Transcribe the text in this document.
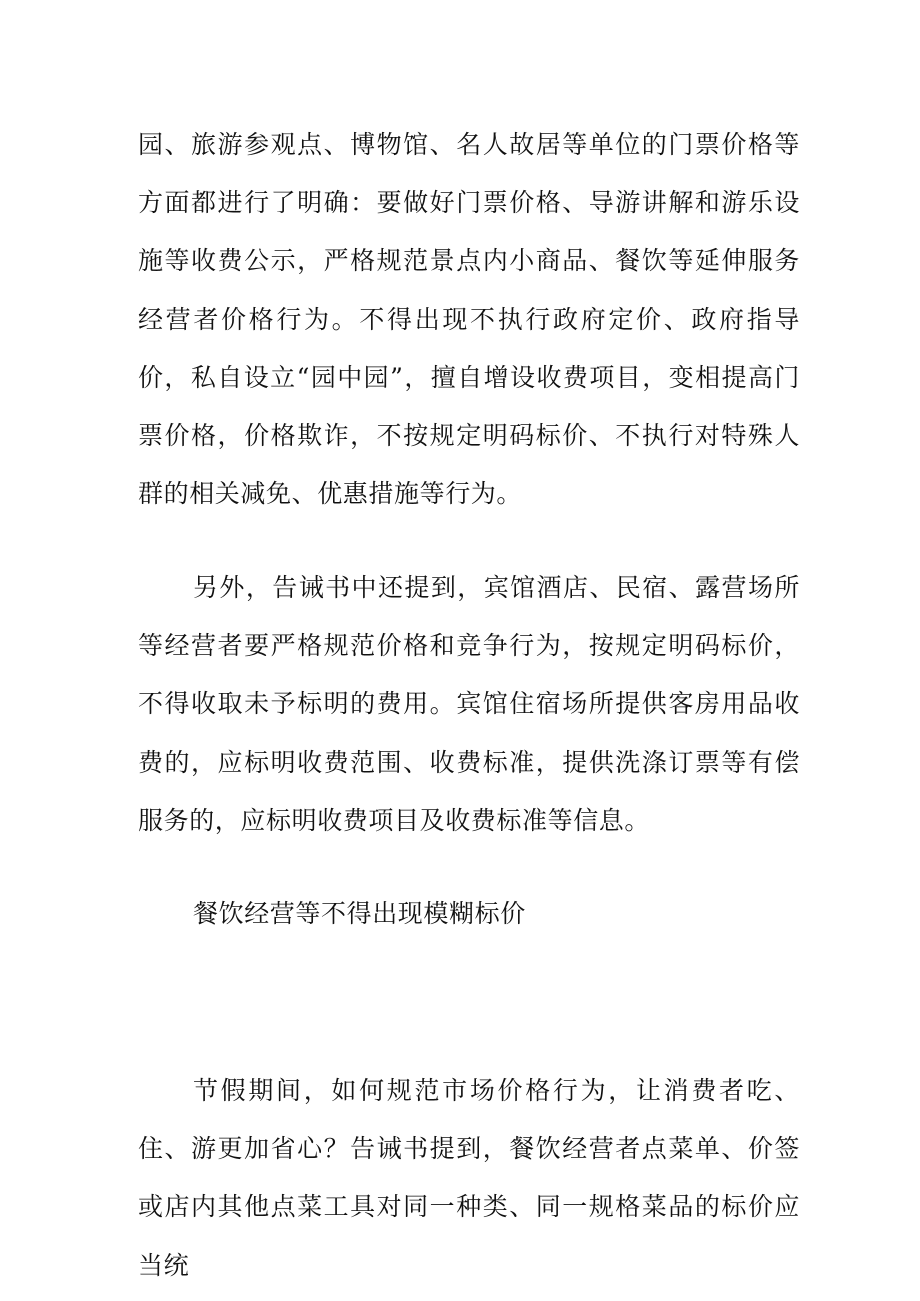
园、旅游参观点、博物馆、名人故居等单位的门票价格等方面都进行了明确：要做好门票价格、导游讲解和游乐设施等收费公示，严格规范景点内小商品、餐饮等延伸服务经营者价格行为。不得出现不执行政府定价、政府指导价，私自设立“园中园”，擅自增设收费项目，变相提高门票价格，价格欺诈，不按规定明码标价、不执行对特殊人群的相关减免、优惠措施等行为。

另外，告诫书中还提到，宾馆酒店、民宿、露营场所等经营者要严格规范价格和竞争行为，按规定明码标价，不得收取未予标明的费用。宾馆住宿场所提供客房用品收费的，应标明收费范围、收费标准，提供洗涤订票等有偿服务的，应标明收费项目及收费标准等信息。

餐饮经营等不得出现模糊标价

节假期间，如何规范市场价格行为，让消费者吃、住、游更加省心？告诫书提到，餐饮经营者点菜单、价签或店内其他点菜工具对同一种类、同一规格菜品的标价应当统
